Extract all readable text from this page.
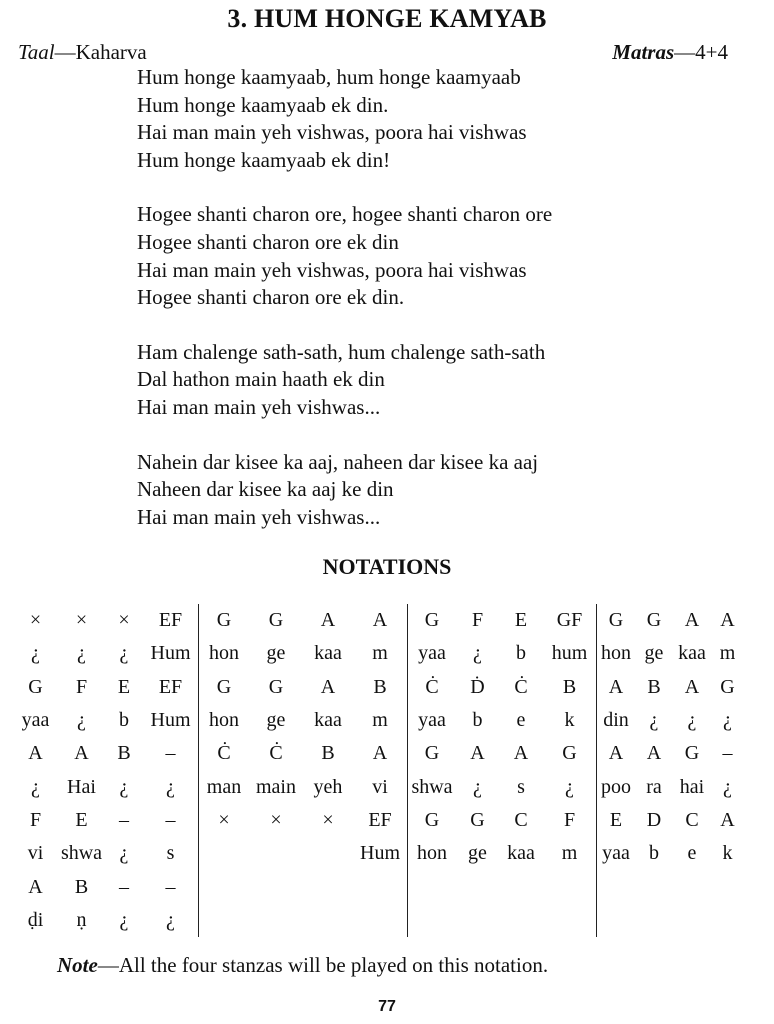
3. HUM HONGE KAMYAB
Taal—Kaharva	Matras—4+4
Hum honge kaamyaab, hum honge kaamyaab
Hum honge kaamyaab ek din.
Hai man main yeh vishwas, poora hai vishwas
Hum honge kaamyaab ek din!
Hogee shanti charon ore, hogee shanti charon ore
Hogee shanti charon ore ek din
Hai man main yeh vishwas, poora hai vishwas
Hogee shanti charon ore ek din.
Ham chalenge sath-sath, hum chalenge sath-sath
Dal hathon main haath ek din
Hai man main yeh vishwas...
Nahein dar kisee ka aaj, naheen dar kisee ka aaj
Naheen dar kisee ka aaj ke din
Hai man main yeh vishwas...
NOTATIONS
×	×	×	EF	G	G	A	A	G	F	E	GF	G	G	A	A
¿	¿	¿	Hum	hon	ge	kaa	m	yaa	¿	b	hum	hon	ge	kaa	m
G	F	E	EF	G	G	A	B	Ċ	Ḋ	Ċ	B	A	B	A	G
yaa	¿	b	Hum	hon	ge	kaa	m	yaa	b	e	k	din	¿	¿	¿
A	A	B	–	Ċ	Ċ	B	A	G	A	A	G	A	A	G	–
¿	Hai	¿	¿	man	main	yeh	vi	shwa	¿	s	¿	poo	ra	hai	¿
F	E	–	–	×	×	×	EF	G	G	C	F	E	D	C	A
vi	shwa	¿	s				Hum	hon	ge	kaa	m	yaa	b	e	k
A	B	–	–												
ḍi	ṇ	¿	¿												
Note—All the four stanzas will be played on this notation.
77
